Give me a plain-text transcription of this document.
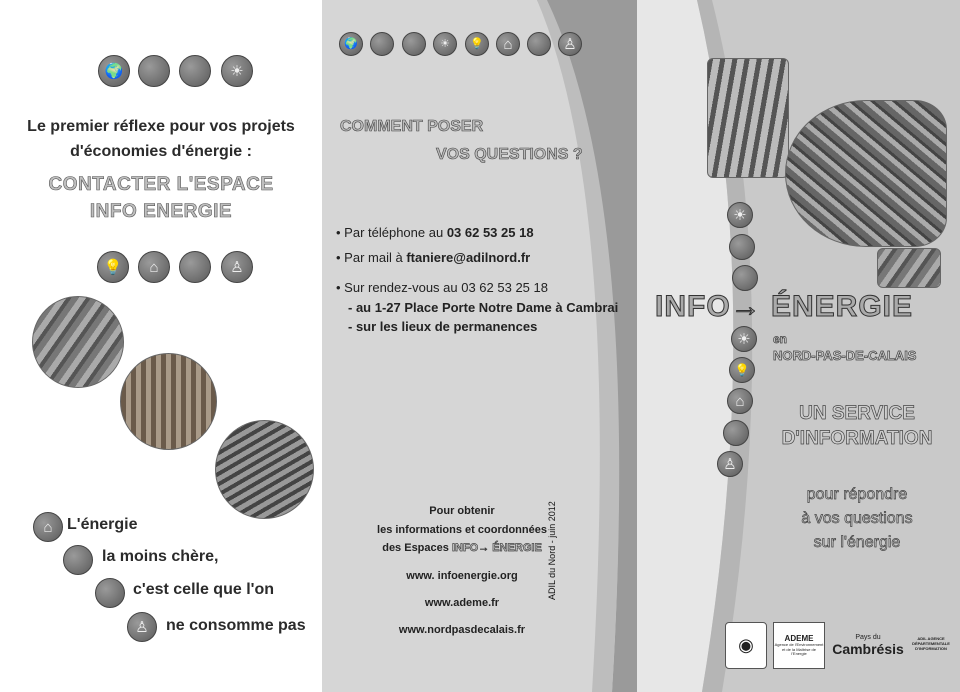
🌍	☀

Le premier réflexe pour vos projets

d'économies d'énergie :

CONTACTER L'ESPACE

INFO ENERGIE

💡	⌂	♙
⌂ L'énergie

la moins chère,

c'est celle que l'on

♙	ne consomme pas

🌍	☀	💡	⌂	♙

COMMENT POSER

VOS QUESTIONS ?

• Par téléphone au 03 62 53 25 18

• Par mail à ftaniere@adilnord.fr

• Sur rendez-vous au 03 62 53 25 18

- au 1-27 Place Porte Notre Dame à Cambrai

- sur les lieux de permanences

Pour obtenir

les informations et coordonnées

des Espaces INFO→ ÉNERGIE

www. infoenergie.org

www.ademe.fr

www.nordpasdecalais.fr

ADIL du Nord - juin 2012

☀
☀
💡
⌂
♙

INFO→ ÉNERGIE

en

NORD-PAS-DE-CALAIS

UN SERVICE

D'INFORMATION

pour répondre

à vos questions

sur l'énergie

◉	ADEME
Agence de l'Environnement et de la Maîtrise de l'Energie
Pays du
Cambrésis
ADIL AGENCE DÉPARTEMENTALE D'INFORMATION
